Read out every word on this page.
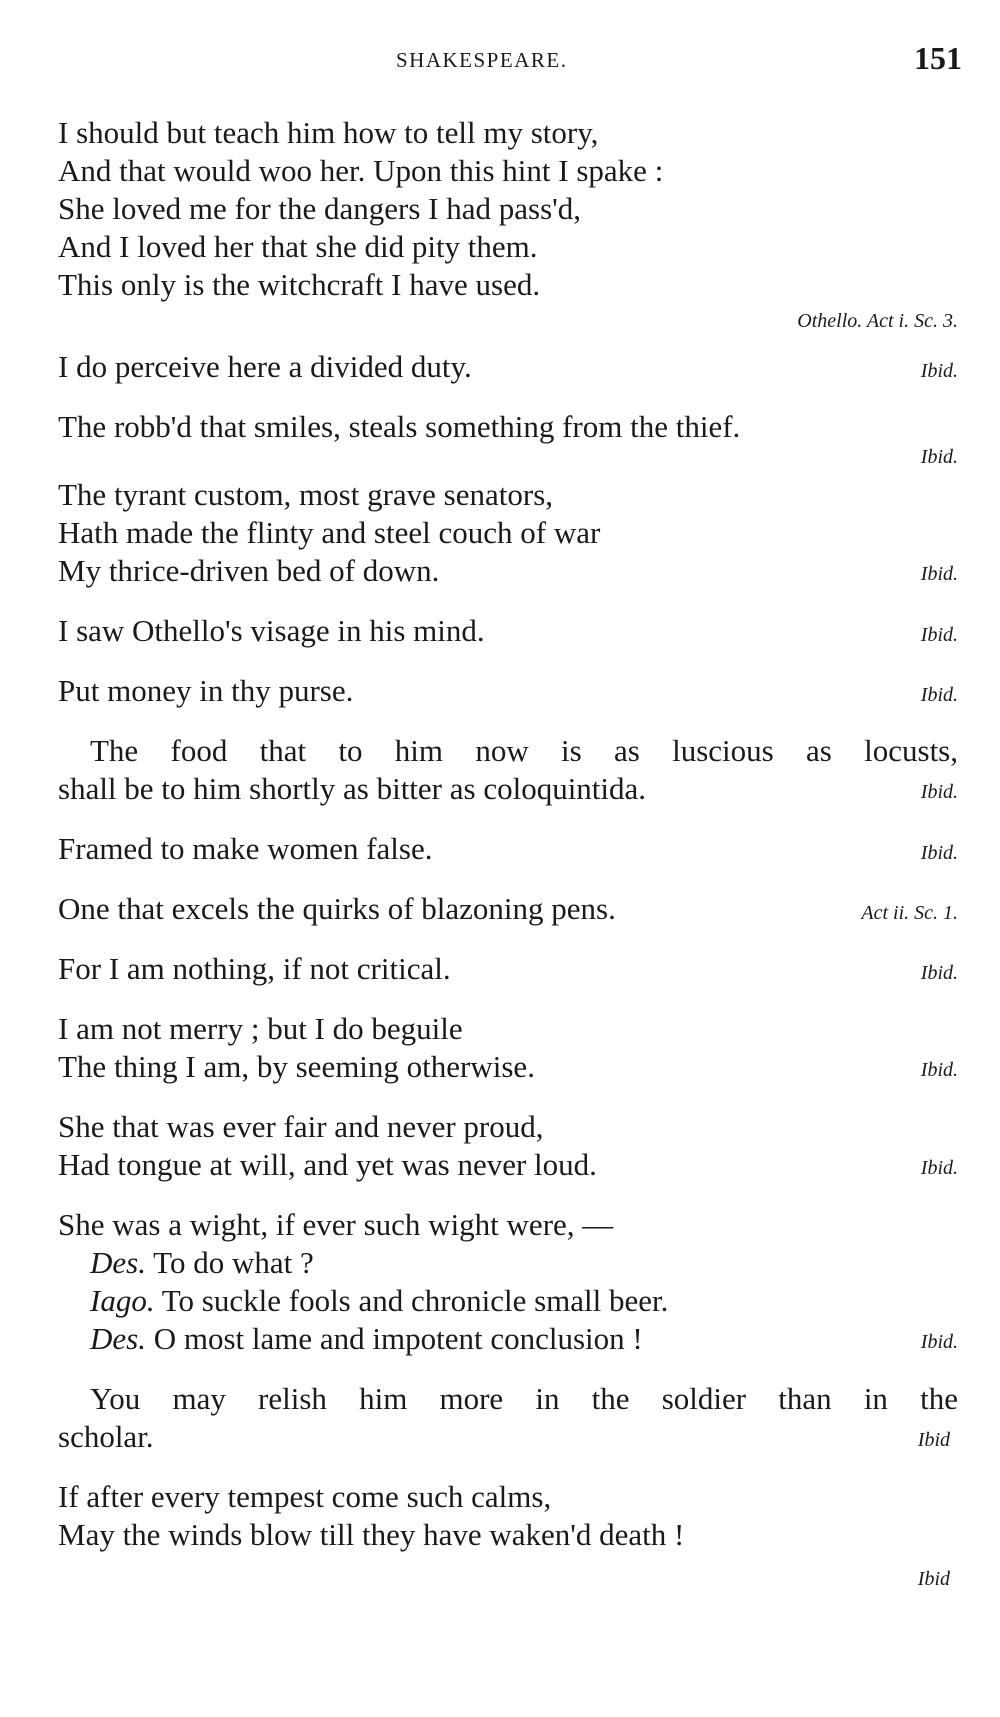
SHAKESPEARE.	151
I should but teach him how to tell my story,
And that would woo her. Upon this hint I spake :
She loved me for the dangers I had pass'd,
And I loved her that she did pity them.
This only is the witchcraft I have used.
Othello. Act i. Sc. 3.
I do perceive here a divided duty.	Ibid.
The robb'd that smiles, steals something from the thief.
Ibid.
The tyrant custom, most grave senators,
Hath made the flinty and steel couch of war
My thrice-driven bed of down.	Ibid.
I saw Othello's visage in his mind.	Ibid.
Put money in thy purse.	Ibid.
The food that to him now is as luscious as locusts,
shall be to him shortly as bitter as coloquintida.	Ibid.
Framed to make women false.	Ibid.
One that excels the quirks of blazoning pens.	Act ii. Sc. 1.
For I am nothing, if not critical.	Ibid.
I am not merry ; but I do beguile
The thing I am, by seeming otherwise.	Ibid.
She that was ever fair and never proud,
Had tongue at will, and yet was never loud.	Ibid.
She was a wight, if ever such wight were, —
Des. To do what ?
Iago. To suckle fools and chronicle small beer.
Des. O most lame and impotent conclusion !	Ibid.
You may relish him more in the soldier than in the
scholar.	Ibid
If after every tempest come such calms,
May the winds blow till they have waken'd death !
Ibid
